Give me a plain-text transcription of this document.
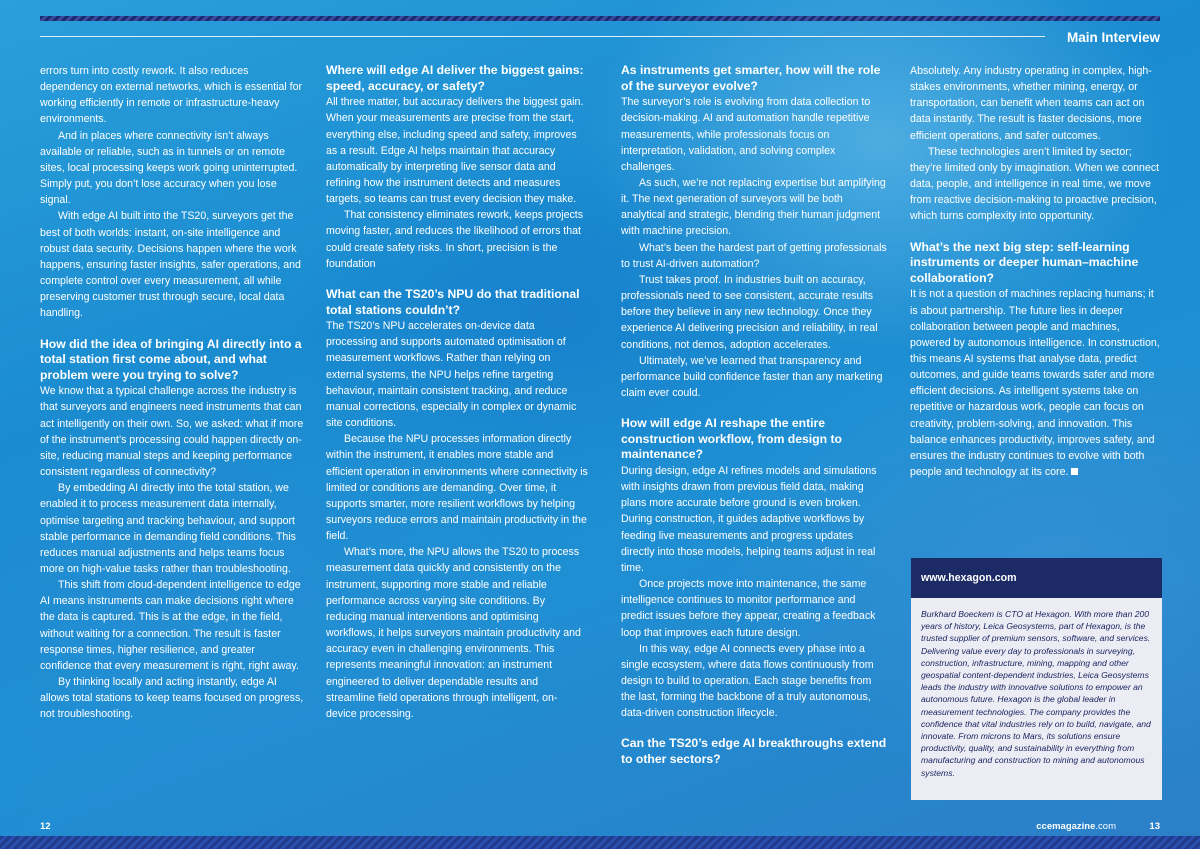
Main Interview

errors turn into costly rework. It also reduces dependency on external networks, which is essential for working efficiently in remote or infrastructure-heavy environments.

And in places where connectivity isn’t always available or reliable, such as in tunnels or on remote sites, local processing keeps work going uninterrupted. Simply put, you don’t lose accuracy when you lose signal.

With edge AI built into the TS20, surveyors get the best of both worlds: instant, on-site intelligence and robust data security. Decisions happen where the work happens, ensuring faster insights, safer operations, and complete control over every measurement, all while preserving customer trust through secure, local data handling.

How did the idea of bringing AI directly into a total station first come about, and what problem were you trying to solve?

We know that a typical challenge across the industry is that surveyors and engineers need instruments that can act intelligently on their own. So, we asked: what if more of the instrument’s processing could happen directly on-site, reducing manual steps and keeping performance consistent regardless of connectivity?

By embedding AI directly into the total station, we enabled it to process measurement data internally, optimise targeting and tracking behaviour, and support stable performance in demanding field conditions. This reduces manual adjustments and helps teams focus more on high-value tasks rather than troubleshooting.

This shift from cloud-dependent intelligence to edge AI means instruments can make decisions right where the data is captured. This is at the edge, in the field, without waiting for a connection. The result is faster response times, higher resilience, and greater confidence that every measurement is right, right away.

By thinking locally and acting instantly, edge AI allows total stations to keep teams focused on progress, not troubleshooting.

Where will edge AI deliver the biggest gains: speed, accuracy, or safety?

All three matter, but accuracy delivers the biggest gain. When your measurements are precise from the start, everything else, including speed and safety, improves as a result. Edge AI helps maintain that accuracy automatically by interpreting live sensor data and refining how the instrument detects and measures targets, so teams can trust every decision they make.

That consistency eliminates rework, keeps projects moving faster, and reduces the likelihood of errors that could create safety risks. In short, precision is the foundation

What can the TS20’s NPU do that traditional total stations couldn’t?

The TS20’s NPU accelerates on-device data processing and supports automated optimisation of measurement workflows. Rather than relying on external systems, the NPU helps refine targeting behaviour, maintain consistent tracking, and reduce manual corrections, especially in complex or dynamic site conditions.

Because the NPU processes information directly within the instrument, it enables more stable and efficient operation in environments where connectivity is limited or conditions are demanding. Over time, it supports smarter, more resilient workflows by helping surveyors reduce errors and maintain productivity in the field.

What’s more, the NPU allows the TS20 to process measurement data quickly and consistently on the instrument, supporting more stable and reliable performance across varying site conditions. By reducing manual interventions and optimising workflows, it helps surveyors maintain productivity and accuracy even in challenging environments. This represents meaningful innovation: an instrument engineered to deliver dependable results and streamline field operations through intelligent, on-device processing.

As instruments get smarter, how will the role of the surveyor evolve?

The surveyor’s role is evolving from data collection to decision-making. AI and automation handle repetitive measurements, while professionals focus on interpretation, validation, and solving complex challenges.

As such, we’re not replacing expertise but amplifying it. The next generation of surveyors will be both analytical and strategic, blending their human judgment with machine precision.

What’s been the hardest part of getting professionals to trust AI-driven automation?

Trust takes proof. In industries built on accuracy, professionals need to see consistent, accurate results before they believe in any new technology. Once they experience AI delivering precision and reliability, in real conditions, not demos, adoption accelerates.

Ultimately, we’ve learned that transparency and performance build confidence faster than any marketing claim ever could.

How will edge AI reshape the entire construction workflow, from design to maintenance?

During design, edge AI refines models and simulations with insights drawn from previous field data, making plans more accurate before ground is even broken. During construction, it guides adaptive workflows by feeding live measurements and progress updates directly into those models, helping teams adjust in real time.

Once projects move into maintenance, the same intelligence continues to monitor performance and predict issues before they appear, creating a feedback loop that improves each future design.

In this way, edge AI connects every phase into a single ecosystem, where data flows continuously from design to build to operation. Each stage benefits from the last, forming the backbone of a truly autonomous, data-driven construction lifecycle.

Can the TS20’s edge AI breakthroughs extend to other sectors?

Absolutely. Any industry operating in complex, high-stakes environments, whether mining, energy, or transportation, can benefit when teams can act on data instantly. The result is faster decisions, more efficient operations, and safer outcomes.

These technologies aren’t limited by sector; they’re limited only by imagination. When we connect data, people, and intelligence in real time, we move from reactive decision-making to proactive precision, which turns complexity into opportunity.

What’s the next big step: self-learning instruments or deeper human–machine collaboration?

It is not a question of machines replacing humans; it is about partnership. The future lies in deeper collaboration between people and machines, powered by autonomous intelligence. In construction, this means AI systems that analyse data, predict outcomes, and guide teams towards safer and more efficient decisions. As intelligent systems take on repetitive or hazardous work, people can focus on creativity, problem-solving, and innovation. This balance enhances productivity, improves safety, and ensures the industry continues to evolve with both people and technology at its core.

www.hexagon.com
Burkhard Boeckem is CTO at Hexagon. With more than 200 years of history, Leica Geosystems, part of Hexagon, is the trusted supplier of premium sensors, software, and services. Delivering value every day to professionals in surveying, construction, infrastructure, mining, mapping and other geospatial content-dependent industries, Leica Geosystems leads the industry with innovative solutions to empower an autonomous future. Hexagon is the global leader in measurement technologies. The company provides the confidence that vital industries rely on to build, navigate, and innovate. From microns to Mars, its solutions ensure productivity, quality, and sustainability in everything from manufacturing and construction to mining and autonomous systems.
12	ccemagazine.com	13
